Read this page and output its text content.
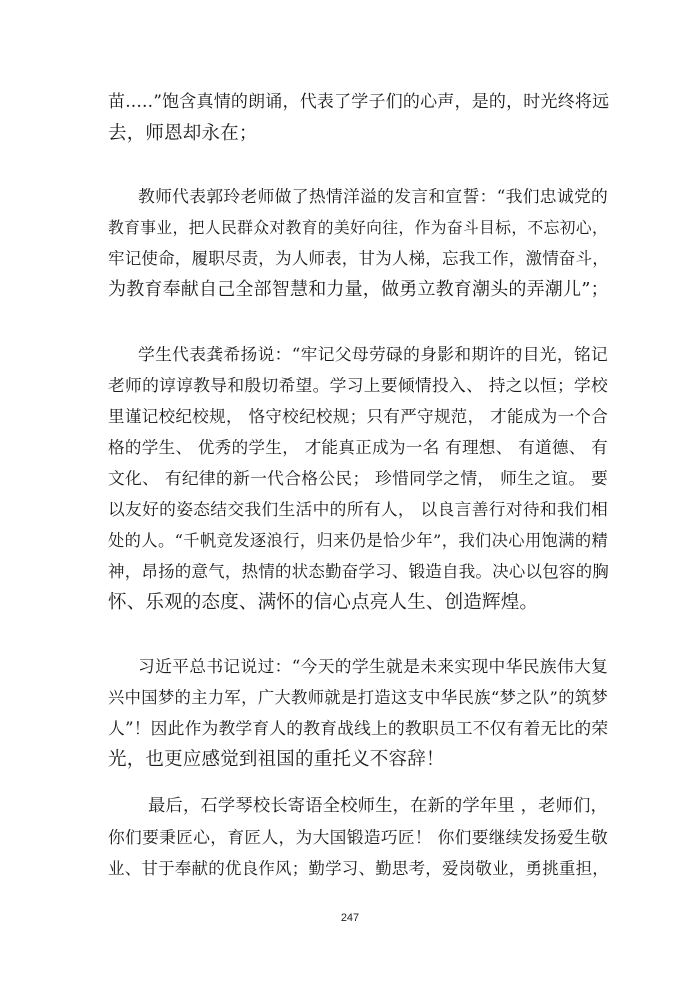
苗.....”饱含真情的朗诵，代表了学子们的心声，是的，时光终将远
去，师恩却永在；
教师代表郭玲老师做了热情洋溢的发言和宣誓：“我们忠诚党的
教育事业，把人民群众对教育的美好向往，作为奋斗目标，不忘初心，
牢记使命，履职尽责，为人师表，甘为人梯，忘我工作，激情奋斗，
为教育奉献自己全部智慧和力量，做勇立教育潮头的弄潮儿”；
学生代表龚希扬说：“牢记父母劳碌的身影和期许的目光，铭记
老师的谆谆教导和殷切希望。学习上要倾情投入、 持之以恒；学校
里谨记校纪校规， 恪守校纪校规；只有严守规范， 才能成为一个合
格的学生、 优秀的学生， 才能真正成为一名 有理想、 有道德、 有
文化、 有纪律的新一代合格公民； 珍惜同学之情， 师生之谊。 要
以友好的姿态结交我们生活中的所有人， 以良言善行对待和我们相
处的人。“千帆竞发逐浪行，归来仍是恰少年”，我们决心用饱满的精
神，昂扬的意气，热情的状态勤奋学习、锻造自我。决心以包容的胸
怀、乐观的态度、满怀的信心点亮人生、创造辉煌。
习近平总书记说过：“今天的学生就是未来实现中华民族伟大复
兴中国梦的主力军，广大教师就是打造这支中华民族“梦之队”的筑梦
人”！因此作为教学育人的教育战线上的教职员工不仅有着无比的荣
光，也更应感觉到祖国的重托义不容辞！
最后，石学琴校长寄语全校师生，在新的学年里 ，老师们，
你们要秉匠心，育匠人，为大国锻造巧匠！ 你们要继续发扬爱生敬
业、甘于奉献的优良作风；勤学习、勤思考，爱岗敬业，勇挑重担，
247
